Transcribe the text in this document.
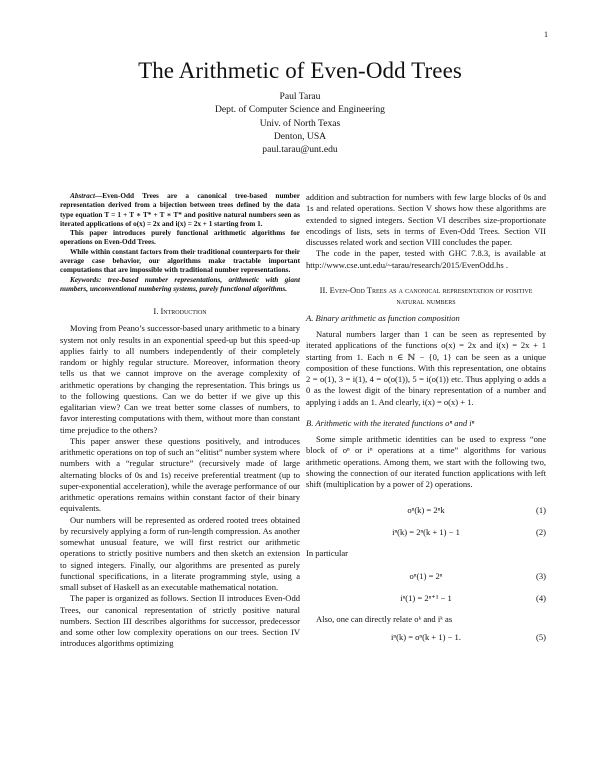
1
The Arithmetic of Even-Odd Trees
Paul Tarau
Dept. of Computer Science and Engineering
Univ. of North Texas
Denton, USA
paul.tarau@unt.edu

Abstract—Even-Odd Trees are a canonical tree-based number representation derived from a bijection between trees defined by the data type equation T = 1 + T ∗ T* + T ∗ T* and positive natural numbers seen as iterated applications of o(x) = 2x and i(x) = 2x + 1 starting from 1.

This paper introduces purely functional arithmetic algorithms for operations on Even-Odd Trees.

While within constant factors from their traditional counterparts for their average case behavior, our algorithms make tractable important computations that are impossible with traditional number representations.

Keywords: tree-based number representations, arithmetic with giant numbers, unconventional numbering systems, purely functional algorithms.

I. Introduction

Moving from Peano’s successor-based unary arithmetic to a binary system not only results in an exponential speed-up but this speed-up applies fairly to all numbers independently of their completely random or highly regular structure. Moreover, information theory tells us that we cannot improve on the average complexity of arithmetic operations by changing the representation. This brings us to the following questions. Can we do better if we give up this egalitarian view? Can we treat better some classes of numbers, to favor interesting computations with them, without more than constant time prejudice to the others?

This paper answer these questions positively, and introduces arithmetic operations on top of such an “elitist” number system where numbers with a “regular structure” (recursively made of large alternating blocks of 0s and 1s) receive preferential treatment (up to super-exponential acceleration), while the average performance of our arithmetic operations remains within constant factor of their binary equivalents.

Our numbers will be represented as ordered rooted trees obtained by recursively applying a form of run-length compression. As another somewhat unusual feature, we will first restrict our arithmetic operations to strictly positive numbers and then sketch an extension to signed integers. Finally, our algorithms are presented as purely functional specifications, in a literate programming style, using a small subset of Haskell as an executable mathematical notation.

The paper is organized as follows. Section II introduces Even-Odd Trees, our canonical representation of strictly positive natural numbers. Section III describes algorithms for successor, predecessor and some other low complexity operations on our trees. Section IV introduces algorithms optimizing

addition and subtraction for numbers with few large blocks of 0s and 1s and related operations. Section V shows how these algorithms are extended to signed integers. Section VI describes size-proportionate encodings of lists, sets in terms of Even-Odd Trees. Section VII discusses related work and section VIII concludes the paper.

The code in the paper, tested with GHC 7.8.3, is available at http://www.cse.unt.edu/~tarau/research/2015/EvenOdd.hs .

II. Even-Odd Trees as a canonical representation of positive natural numbers
A. Binary arithmetic as function composition

Natural numbers larger than 1 can be seen as represented by iterated applications of the functions o(x) = 2x and i(x) = 2x + 1 starting from 1. Each n ∈ ℕ − {0, 1} can be seen as a unique composition of these functions. With this representation, one obtains 2 = o(1), 3 = i(1), 4 = o(o(1)), 5 = i(o(1)) etc. Thus applying o adds a 0 as the lowest digit of the binary representation of a number and applying i adds an 1. And clearly, i(x) = o(x) + 1.

B. Arithmetic with the iterated functions oⁿ and iⁿ

Some simple arithmetic identities can be used to express “one block of oⁿ or iⁿ operations at a time” algorithms for various arithmetic operations. Among them, we start with the following two, showing the connection of our iterated function applications with left shift (multiplication by a power of 2) operations.

oⁿ(k) = 2ⁿk	(1)
iⁿ(k) = 2ⁿ(k + 1) − 1	(2)

In particular

oⁿ(1) = 2ⁿ	(3)
iⁿ(1) = 2ⁿ⁺¹ − 1	(4)

Also, one can directly relate oᵏ and iᵏ as

iⁿ(k) = oⁿ(k + 1) − 1.	(5)
